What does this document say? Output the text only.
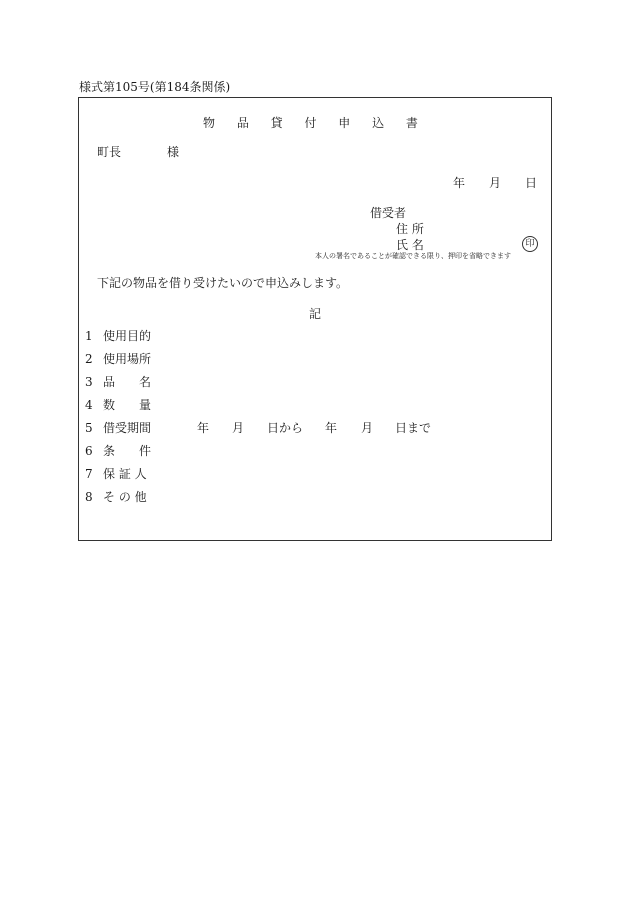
様式第105号(第184条関係)
物 品 貸 付 申 込 書
町長	様
年 月 日
借受者
住 所
氏 名	印
本人の署名であることが確認できる限り、押印を省略できます
下記の物品を借り受けたいので申込みします。
記
1 使用目的
2 使用場所
3 品　　名
4 数　　量
5 借受期間	年 月 日から 年 月 日まで
6 条　　件
7 保 証 人
8 そ の 他
